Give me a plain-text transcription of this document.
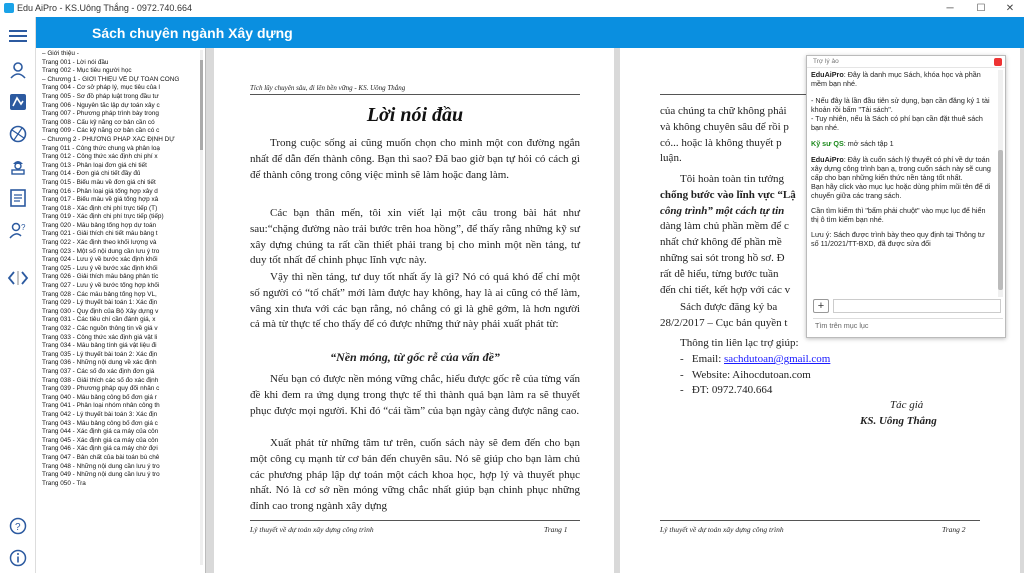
Edu AiPro - KS.Uông Thắng - 0972.740.664	─	☐	✕
?
?
Sách chuyên ngành Xây dựng
– Giới thiệu -
Trang 001 - Lời nói đầu
Trang 002 - Mục tiêu người học
– Chương 1 - GIỚI THIỆU VỀ DỰ TOÁN CÔNG
Trang 004 - Cơ sở pháp lý, mục tiêu của l
Trang 005 - Sơ đồ pháp luật trong đầu tư
Trang 006 - Nguyên tắc lập dự toán xây c
Trang 007 - Phương pháp trình bày trong
Trang 008 - Cấu kỹ năng cơ bản cần có
Trang 009 - Các kỹ năng cơ bản cần có c
– Chương 2 - PHƯƠNG PHÁP XÁC ĐỊNH DỰ
Trang 011 - Công thức chung và phân loạ
Trang 012 - Công thức xác định chi phí x
Trang 013 - Phân loại đơn giá chi tiết
Trang 014 - Đơn giá chi tiết đầy đủ
Trang 015 - Biểu mẫu về đơn giá chi tiết
Trang 016 - Phân loại giá tổng hợp xây d
Trang 017 - Biểu mẫu về giá tổng hợp xâ
Trang 018 - Xác định chi phí trực tiếp (T)
Trang 019 - Xác định chi phí trực tiếp (tiếp)
Trang 020 - Mẫu bảng tổng hợp dự toán
Trang 021 - Giải thích chi tiết mẫu bảng t
Trang 022 - Xác định theo khối lượng và
Trang 023 - Một số nội dung cần lưu ý tro
Trang 024 - Lưu ý về bước xác định khối
Trang 025 - Lưu ý về bước xác định khối
Trang 026 - Giải thích mẫu bảng phân tíc
Trang 027 - Lưu ý về bước tổng hợp khối
Trang 028 - Các mẫu bảng tổng hợp VL,
Trang 029 - Lý thuyết bài toán 1: Xác địn
Trang 030 - Quy định của Bộ Xây dựng v
Trang 031 - Các tiêu chí cần đánh giá, x
Trang 032 - Các nguồn thông tin về giá v
Trang 033 - Công thức xác định giá vật li
Trang 034 - Mẫu bảng tính giá vật liệu đi
Trang 035 - Lý thuyết bài toán 2: Xác địn
Trang 036 - Những nội dung về xác định
Trang 037 - Các số đo xác định đơn giá
Trang 038 - Giải thích các số đo xác định
Trang 039 - Phương pháp quy đổi nhân c
Trang 040 - Mẫu bảng công bố đơn giá r
Trang 041 - Phân loại nhóm nhân công th
Trang 042 - Lý thuyết bài toán 3: Xác địn
Trang 043 - Mẫu bảng công bố đơn giá c
Trang 044 - Xác định giá ca máy của côn
Trang 045 - Xác định giá ca máy của côn
Trang 046 - Xác định giá ca máy chờ đợi
Trang 047 - Bản chất của bài toán bù chê
Trang 048 - Những nội dung cần lưu ý tro
Trang 049 - Những nội dung cần lưu ý tro
Trang 050 - Tra
Tích lũy chuyên sâu, đi lên bền vững - KS. Uông Thắng
Lời nói đầu
Trong cuộc sống ai cũng muốn chọn cho mình một con đường ngắn nhất để dẫn đến thành công. Bạn thì sao? Đã bao giờ bạn tự hỏi có cách gì để thành công trong công việc mình sẽ làm hoặc đang làm.
Các bạn thân mến, tôi xin viết lại một câu trong bài hát như sau:“chặng đường nào trải bước trên hoa hồng”, để thấy rằng những kỹ sư xây dựng chúng ta rất cần thiết phải trang bị cho mình một nền tảng, tư duy tốt nhất để chinh phục lĩnh vực này.
Vậy thì nền tảng, tư duy tốt nhất ấy là gì? Nó có quá khó để chỉ một số người có “tố chất” mới làm được hay không, hay là ai cũng có thể làm, vâng xin thưa với các bạn rằng, nó chẳng có gì là ghê gớm, là hơn người cả mà từ thực tế cho thấy để có được những thứ này phải xuất phát từ:
“Nền móng, từ gốc rễ của vấn đề”
Nếu bạn có được nền móng vững chắc, hiểu được gốc rễ của từng vấn đề khi đem ra ứng dụng trong thực tế thì thành quả bạn làm ra sẽ thuyết phục được mọi người. Khi đó “cái tầm” của bạn ngày càng được nâng cao.
Xuất phát từ những tâm tư trên, cuốn sách này sẽ đem đến cho bạn một công cụ mạnh từ cơ bản đến chuyên sâu. Nó sẽ giúp cho bạn làm chủ các phương pháp lập dự toán một cách khoa học, hợp lý và thuyết phục nhất. Nó là cơ sở nền móng vững chắc nhất giúp bạn chinh phục những đỉnh cao trong ngành xây dựng
Lý thuyết về dự toán xây dựng công trình	Trang 1
của chúng ta chữ không phải
và không chuyên sâu để rồi p
có... hoặc là không thuyết p
luận.
Tôi hoàn toàn tin tưởng
chống bước vào lĩnh vực “Lậ
công trình” một cách tự tin
dàng làm chủ phần mềm để c
nhất chứ không để phần mề
những sai sót trong hồ sơ. Đ
rất dễ hiểu, từng bước tuần
đến chi tiết, kết hợp với các v
Sách được đăng ký ba
28/2/2017 – Cục bản quyền t
Thông tin liên lạc trợ giúp:
-   Email: sachdutoan@gmail.com
-   Website: Aihocdutoan.com
-   ĐT: 0972.740.664
Tác giả
KS. Uông Thắng
Lý thuyết về dự toán xây dựng công trình	Trang 2
Trợ lý ảo
EduAiPro: Đây là danh mục Sách, khóa học và phần mềm bạn nhé.
- Nếu đây là lần đầu tiên sử dụng, bạn cần đăng ký 1 tài khoản rồi bấm "Tải sách".
- Tuy nhiên, nếu là Sách có phí bạn cần đặt thuê sách bạn nhé.
Kỹ sư QS: mở sách tập 1
EduAiPro: Đây là cuốn sách lý thuyết có phí về dự toán xây dựng công trình bạn ạ, trong cuốn sách này sẽ cung cấp cho bạn những kiến thức nền tảng tốt nhất.
Bạn hãy click vào mục lục hoặc dùng phím mũi tên để di chuyển giữa các trang sách.
Cần tìm kiếm thì "bấm phải chuột" vào mục lục để hiển thị ô tìm kiếm bạn nhé.
Lưu ý: Sách được trình bày theo quy định tại Thông tư số 11/2021/TT-BXD, đã được sửa đổi
+
Tìm trên mục lục
